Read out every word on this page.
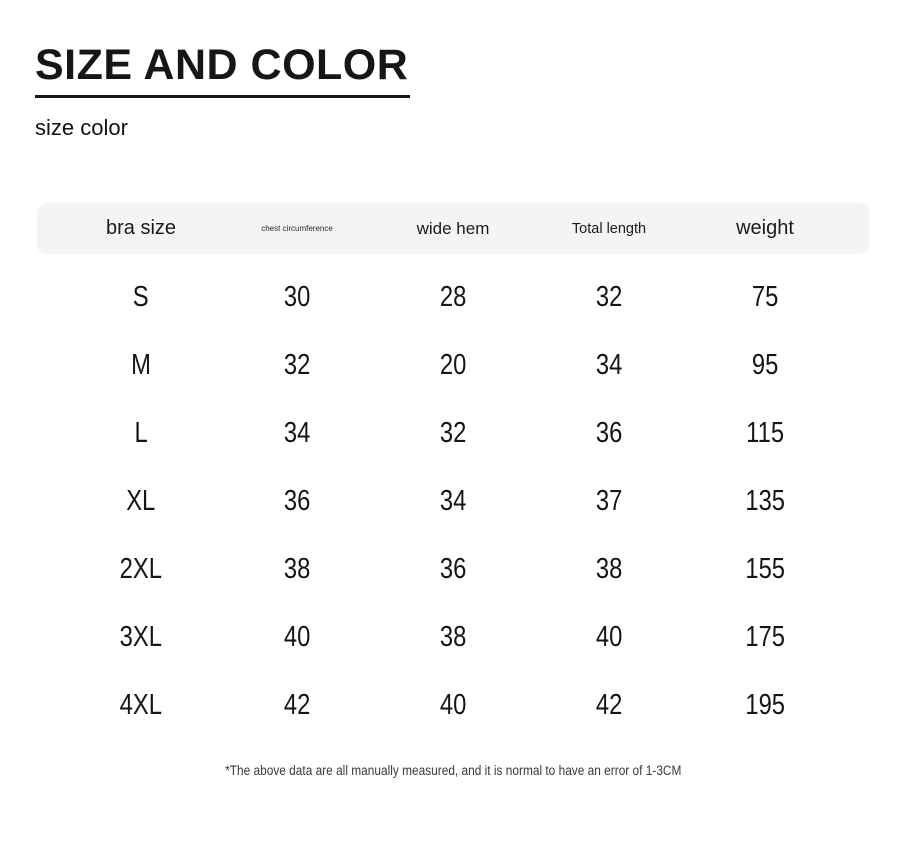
SIZE AND COLOR
size color
bra size	chest circumference	wide hem	Total length	weight
S	30	28	32	75
M	32	20	34	95
L	34	32	36	115
XL	36	34	37	135
2XL	38	36	38	155
3XL	40	38	40	175
4XL	42	40	42	195
*The above data are all manually measured, and it is normal to have an error of 1-3CM
